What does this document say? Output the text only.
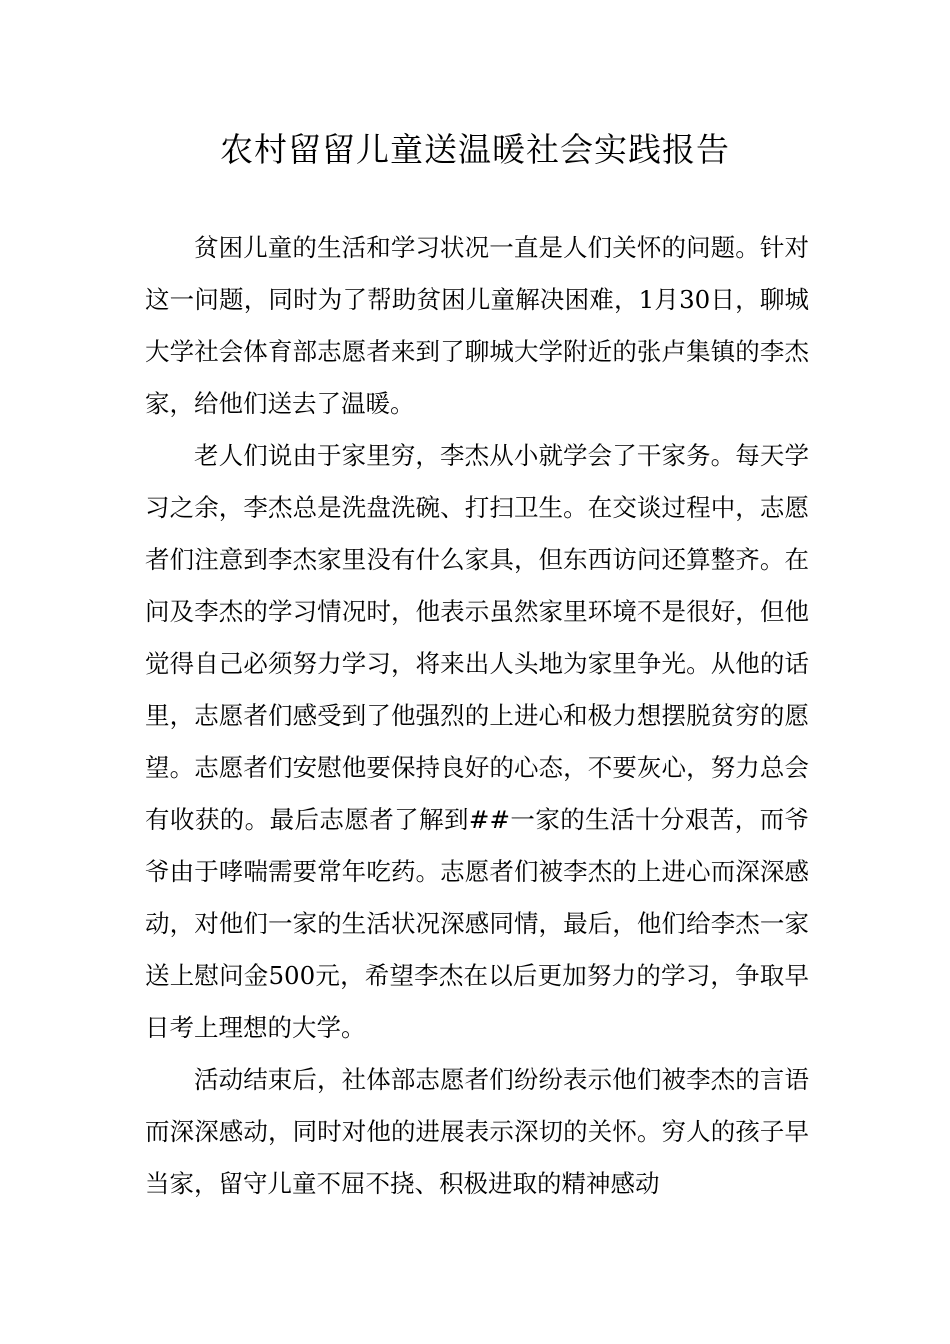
农村留留儿童送温暖社会实践报告

贫困儿童的生活和学习状况一直是人们关怀的问题。针对这一问题，同时为了帮助贫困儿童解决困难，1月30日，聊城大学社会体育部志愿者来到了聊城大学附近的张卢集镇的李杰家，给他们送去了温暖。

老人们说由于家里穷，李杰从小就学会了干家务。每天学习之余，李杰总是洗盘洗碗、打扫卫生。在交谈过程中，志愿者们注意到李杰家里没有什么家具，但东西访问还算整齐。在问及李杰的学习情况时，他表示虽然家里环境不是很好，但他觉得自己必须努力学习，将来出人头地为家里争光。从他的话里，志愿者们感受到了他强烈的上进心和极力想摆脱贫穷的愿望。志愿者们安慰他要保持良好的心态，不要灰心，努力总会有收获的。最后志愿者了解到##一家的生活十分艰苦，而爷爷由于哮喘需要常年吃药。志愿者们被李杰的上进心而深深感动，对他们一家的生活状况深感同情，最后，他们给李杰一家送上慰问金500元，希望李杰在以后更加努力的学习，争取早日考上理想的大学。

活动结束后，社体部志愿者们纷纷表示他们被李杰的言语而深深感动，同时对他的进展表示深切的关怀。穷人的孩子早当家，留守儿童不屈不挠、积极进取的精神感动
